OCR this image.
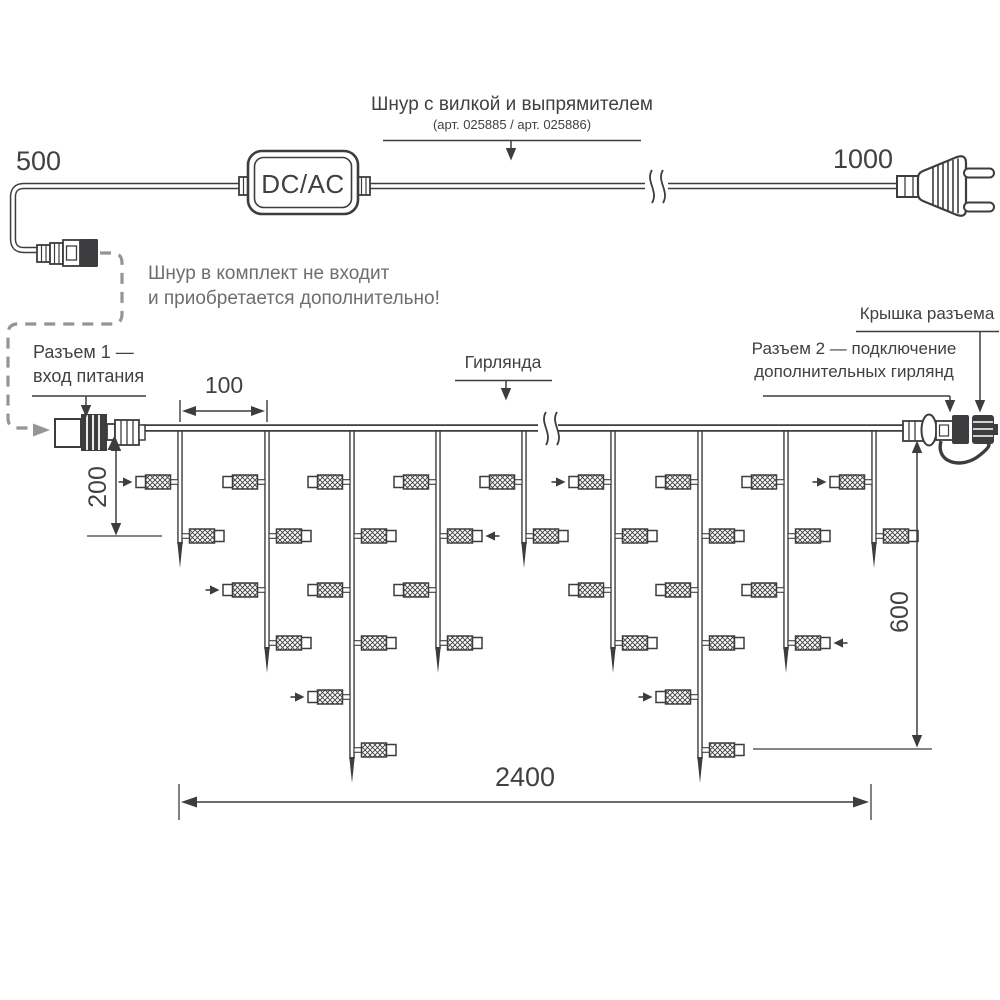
Шнур с вилкой и выпрямителем
(арт. 025885 / арт. 025886)
500	1000
DC/AC
Шнур в комплект не входит
и приобретается дополнительно!
Разъем 1 —
вход питания
Гирлянда
Крышка разъема
Разъем 2 — подключение
дополнительных гирлянд
100
200
600
2400
